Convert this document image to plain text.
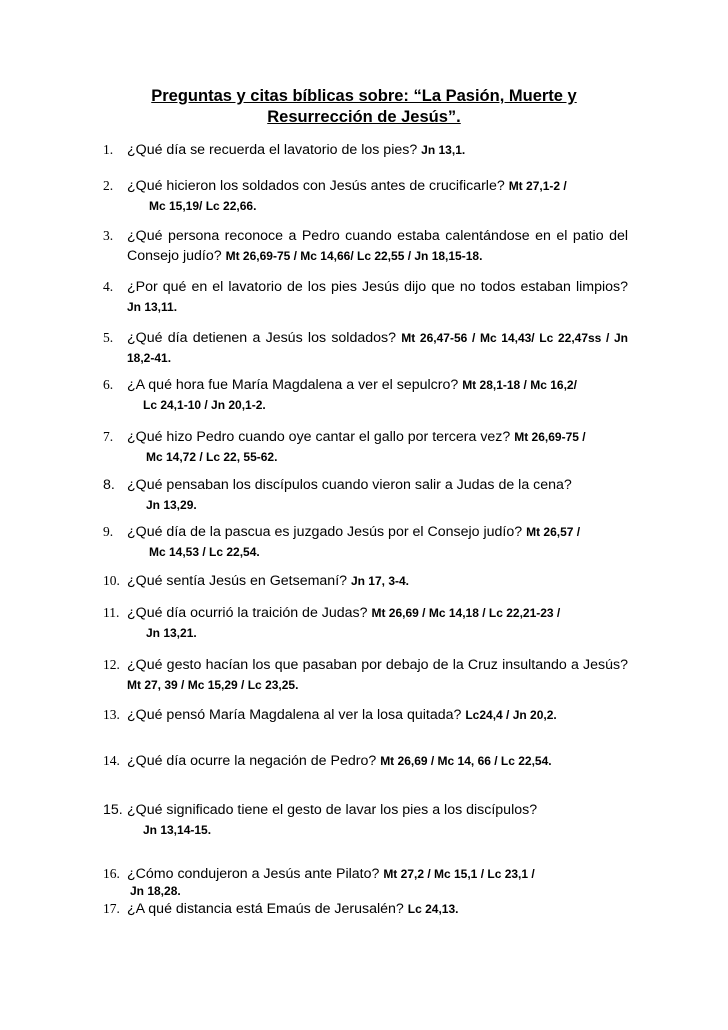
Preguntas y citas bíblicas sobre: “La Pasión, Muerte y
Resurrección de Jesús”.
1. ¿Qué día se recuerda el lavatorio de los pies? Jn 13,1.
2. ¿Qué hicieron los soldados con Jesús antes de crucificarle? Mt 27,1-2 /
Mc 15,19/ Lc 22,66.
3. ¿Qué persona reconoce a Pedro cuando estaba calentándose en el patio del Consejo judío? Mt 26,69-75 / Mc 14,66/ Lc 22,55 / Jn 18,15-18.
4. ¿Por qué en el lavatorio de los pies Jesús dijo que no todos estaban limpios? Jn 13,11.
5. ¿Qué día detienen a Jesús los soldados? Mt 26,47-56 / Mc 14,43/ Lc 22,47ss / Jn 18,2-41.
6. ¿A qué hora fue María Magdalena a ver el sepulcro? Mt 28,1-18 / Mc 16,2/
Lc 24,1-10 / Jn 20,1-2.
7. ¿Qué hizo Pedro cuando oye cantar el gallo por tercera vez? Mt 26,69-75 /
Mc 14,72 / Lc 22, 55-62.
8. ¿Qué pensaban los discípulos cuando vieron salir a Judas de la cena?
Jn 13,29.
9. ¿Qué día de la pascua es juzgado Jesús por el Consejo judío? Mt 26,57 /
Mc 14,53 / Lc 22,54.
10. ¿Qué sentía Jesús en Getsemaní? Jn 17, 3-4.
11. ¿Qué día ocurrió la traición de Judas? Mt 26,69 / Mc 14,18 / Lc 22,21-23 /
Jn 13,21.
12. ¿Qué gesto hacían los que pasaban por debajo de la Cruz insultando a Jesús? Mt 27, 39 / Mc 15,29 / Lc 23,25.
13. ¿Qué pensó María Magdalena al ver la losa quitada? Lc24,4 / Jn 20,2.
14. ¿Qué día ocurre la negación de Pedro? Mt 26,69 / Mc 14, 66 / Lc 22,54.
15. ¿Qué significado tiene el gesto de lavar los pies a los discípulos?
Jn 13,14-15.
16. ¿Cómo condujeron a Jesús ante Pilato? Mt 27,2 / Mc 15,1 / Lc 23,1 /
Jn 18,28.
17. ¿A qué distancia está Emaús de Jerusalén? Lc 24,13.
